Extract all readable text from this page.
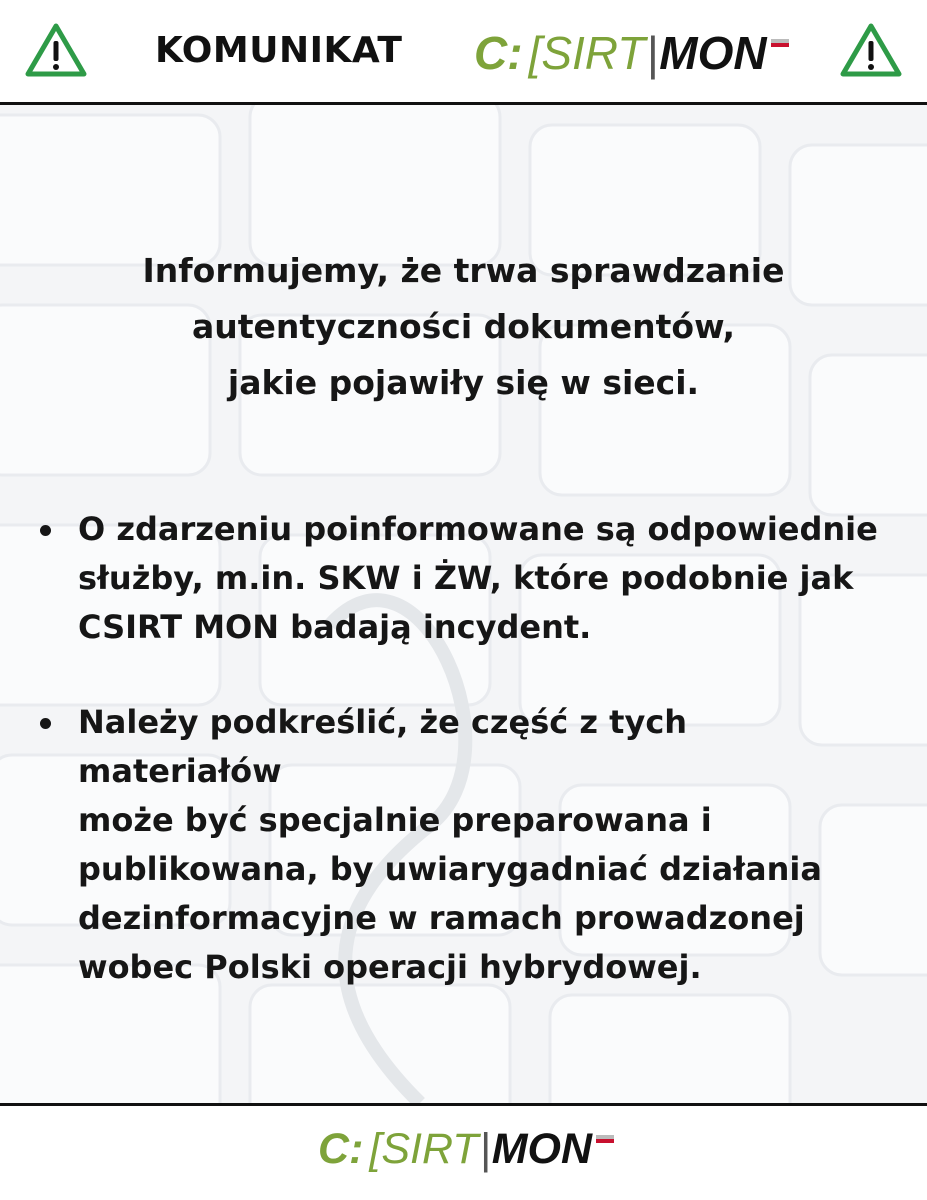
KOMUNIKAT C : [ SIRT | MON
Informujemy, że trwa sprawdzanie
autentyczności dokumentów,
jakie pojawiły się w sieci.
O zdarzeniu poinformowane są odpowiednie
służby, m.in. SKW i ŻW, które podobnie jak
CSIRT MON badają incydent.
Należy podkreślić, że część z tych materiałów
może być specjalnie preparowana i
publikowana, by uwiarygadniać działania
dezinformacyjne w ramach prowadzonej
wobec Polski operacji hybrydowej.
C : [ SIRT | MON
